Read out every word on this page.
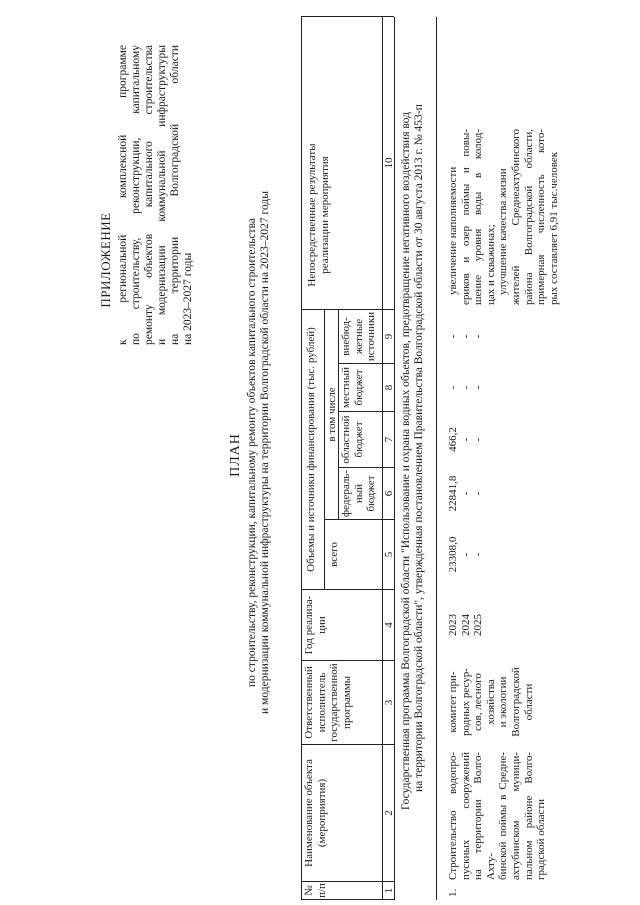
ПРИЛОЖЕНИЕ к региональной комплексной программе по строительству, реконструкции, капитальному ремонту объектов капитального строительства и модернизации коммунальной инфраструктуры на территории Волгоградской области на 2023–2027 годы
ПЛАН по строительству, реконструкции, капитальному ремонту объектов капитального строительства и модернизации коммунальной инфраструктуры на территории Волгоградской области на 2023–2027 годы
№ п/п
Наименование объекта (мероприятия)
Ответственный исполнитель государственной программы
Год реализа-ции
Объемы и источники финансирования (тыс. рублей) всего
в том числе
федераль-ный бюджет
областной бюджет
местный бюджет
внебюд-жетные источники
Непосредственные результаты реализации мероприятия
1
2
3
4
5
6
7
8
9
10 Государственная программа Волгоградской области "Использование и охрана водных объектов, предотвращение негативного воздействия вод на территории Волгоградской области", утвержденная постановлением Правительства Волгоградской области от 30 августа 2013 г. № 453-п
1.
Строительство водопро- пускных сооружений на территории Волго-Ахту- бинской поймы в Средне- ахтубинском муници- пальном районе Волго- градской области
комитет при- родных ресур- сов, лесного хозяйства и экологии Волгоградской области
2023 2024 2025
23308,0 - -
22841,8 - -
466,2 - -
- - -
- - -
увеличение наполняемости ериков и озер поймы и повы- шение уровня воды в колод- цах и скважинах; улучшение качества жизни жителей Среднеахтубинского района Волгоградской области, примерная численность кото- рых составляет 6,91 тыс.человек
